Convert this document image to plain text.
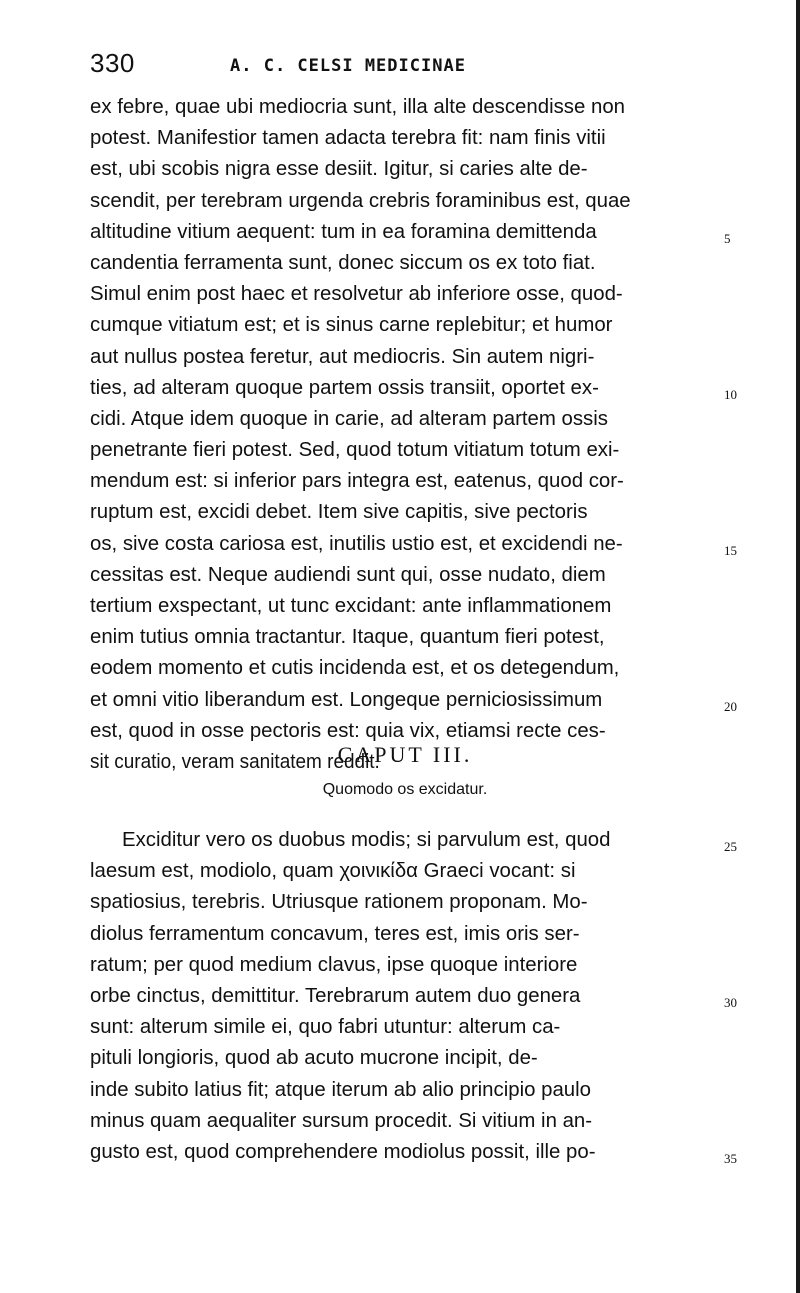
330	A. C. CELSI MEDICINAE
ex febre, quae ubi mediocria sunt, illa alte descendisse non
potest. Manifestior tamen adacta terebra fit: nam finis vitii
est, ubi scobis nigra esse desiit. Igitur, si caries alte de-
scendit, per terebram urgenda crebris foraminibus est, quae
altitudine vitium aequent: tum in ea foramina demittenda	5
candentia ferramenta sunt, donec siccum os ex toto fiat.
Simul enim post haec et resolvetur ab inferiore osse, quod-
cumque vitiatum est; et is sinus carne replebitur; et humor
aut nullus postea feretur, aut mediocris. Sin autem nigri-
ties, ad alteram quoque partem ossis transiit, oportet ex-	10
cidi. Atque idem quoque in carie, ad alteram partem ossis
penetrante fieri potest. Sed, quod totum vitiatum totum exi-
mendum est: si inferior pars integra est, eatenus, quod cor-
ruptum est, excidi debet. Item sive capitis, sive pectoris
os, sive costa cariosa est, inutilis ustio est, et excidendi ne-	15
cessitas est. Neque audiendi sunt qui, osse nudato, diem
tertium exspectant, ut tunc excidant: ante inflammationem
enim tutius omnia tractantur. Itaque, quantum fieri potest,
eodem momento et cutis incidenda est, et os detegendum,
et omni vitio liberandum est. Longeque perniciosissimum	20
est, quod in osse pectoris est: quia vix, etiamsi recte ces-
sit curatio, veram sanitatem reddit.
CAPUT III.
Quomodo os excidatur.
Exciditur vero os duobus modis; si parvulum est, quod	25
laesum est, modiolo, quam χοινικίδα Graeci vocant: si
spatiosius, terebris. Utriusque rationem proponam. Mo-
diolus ferramentum concavum, teres est, imis oris ser-
ratum; per quod medium clavus, ipse quoque interiore
orbe cinctus, demittitur. Terebrarum autem duo genera	30
sunt: alterum simile ei, quo fabri utuntur: alterum ca-
pituli longioris, quod ab acuto mucrone incipit, de-
inde subito latius fit; atque iterum ab alio principio paulo
minus quam aequaliter sursum procedit. Si vitium in an-
gusto est, quod comprehendere modiolus possit, ille po-	35
